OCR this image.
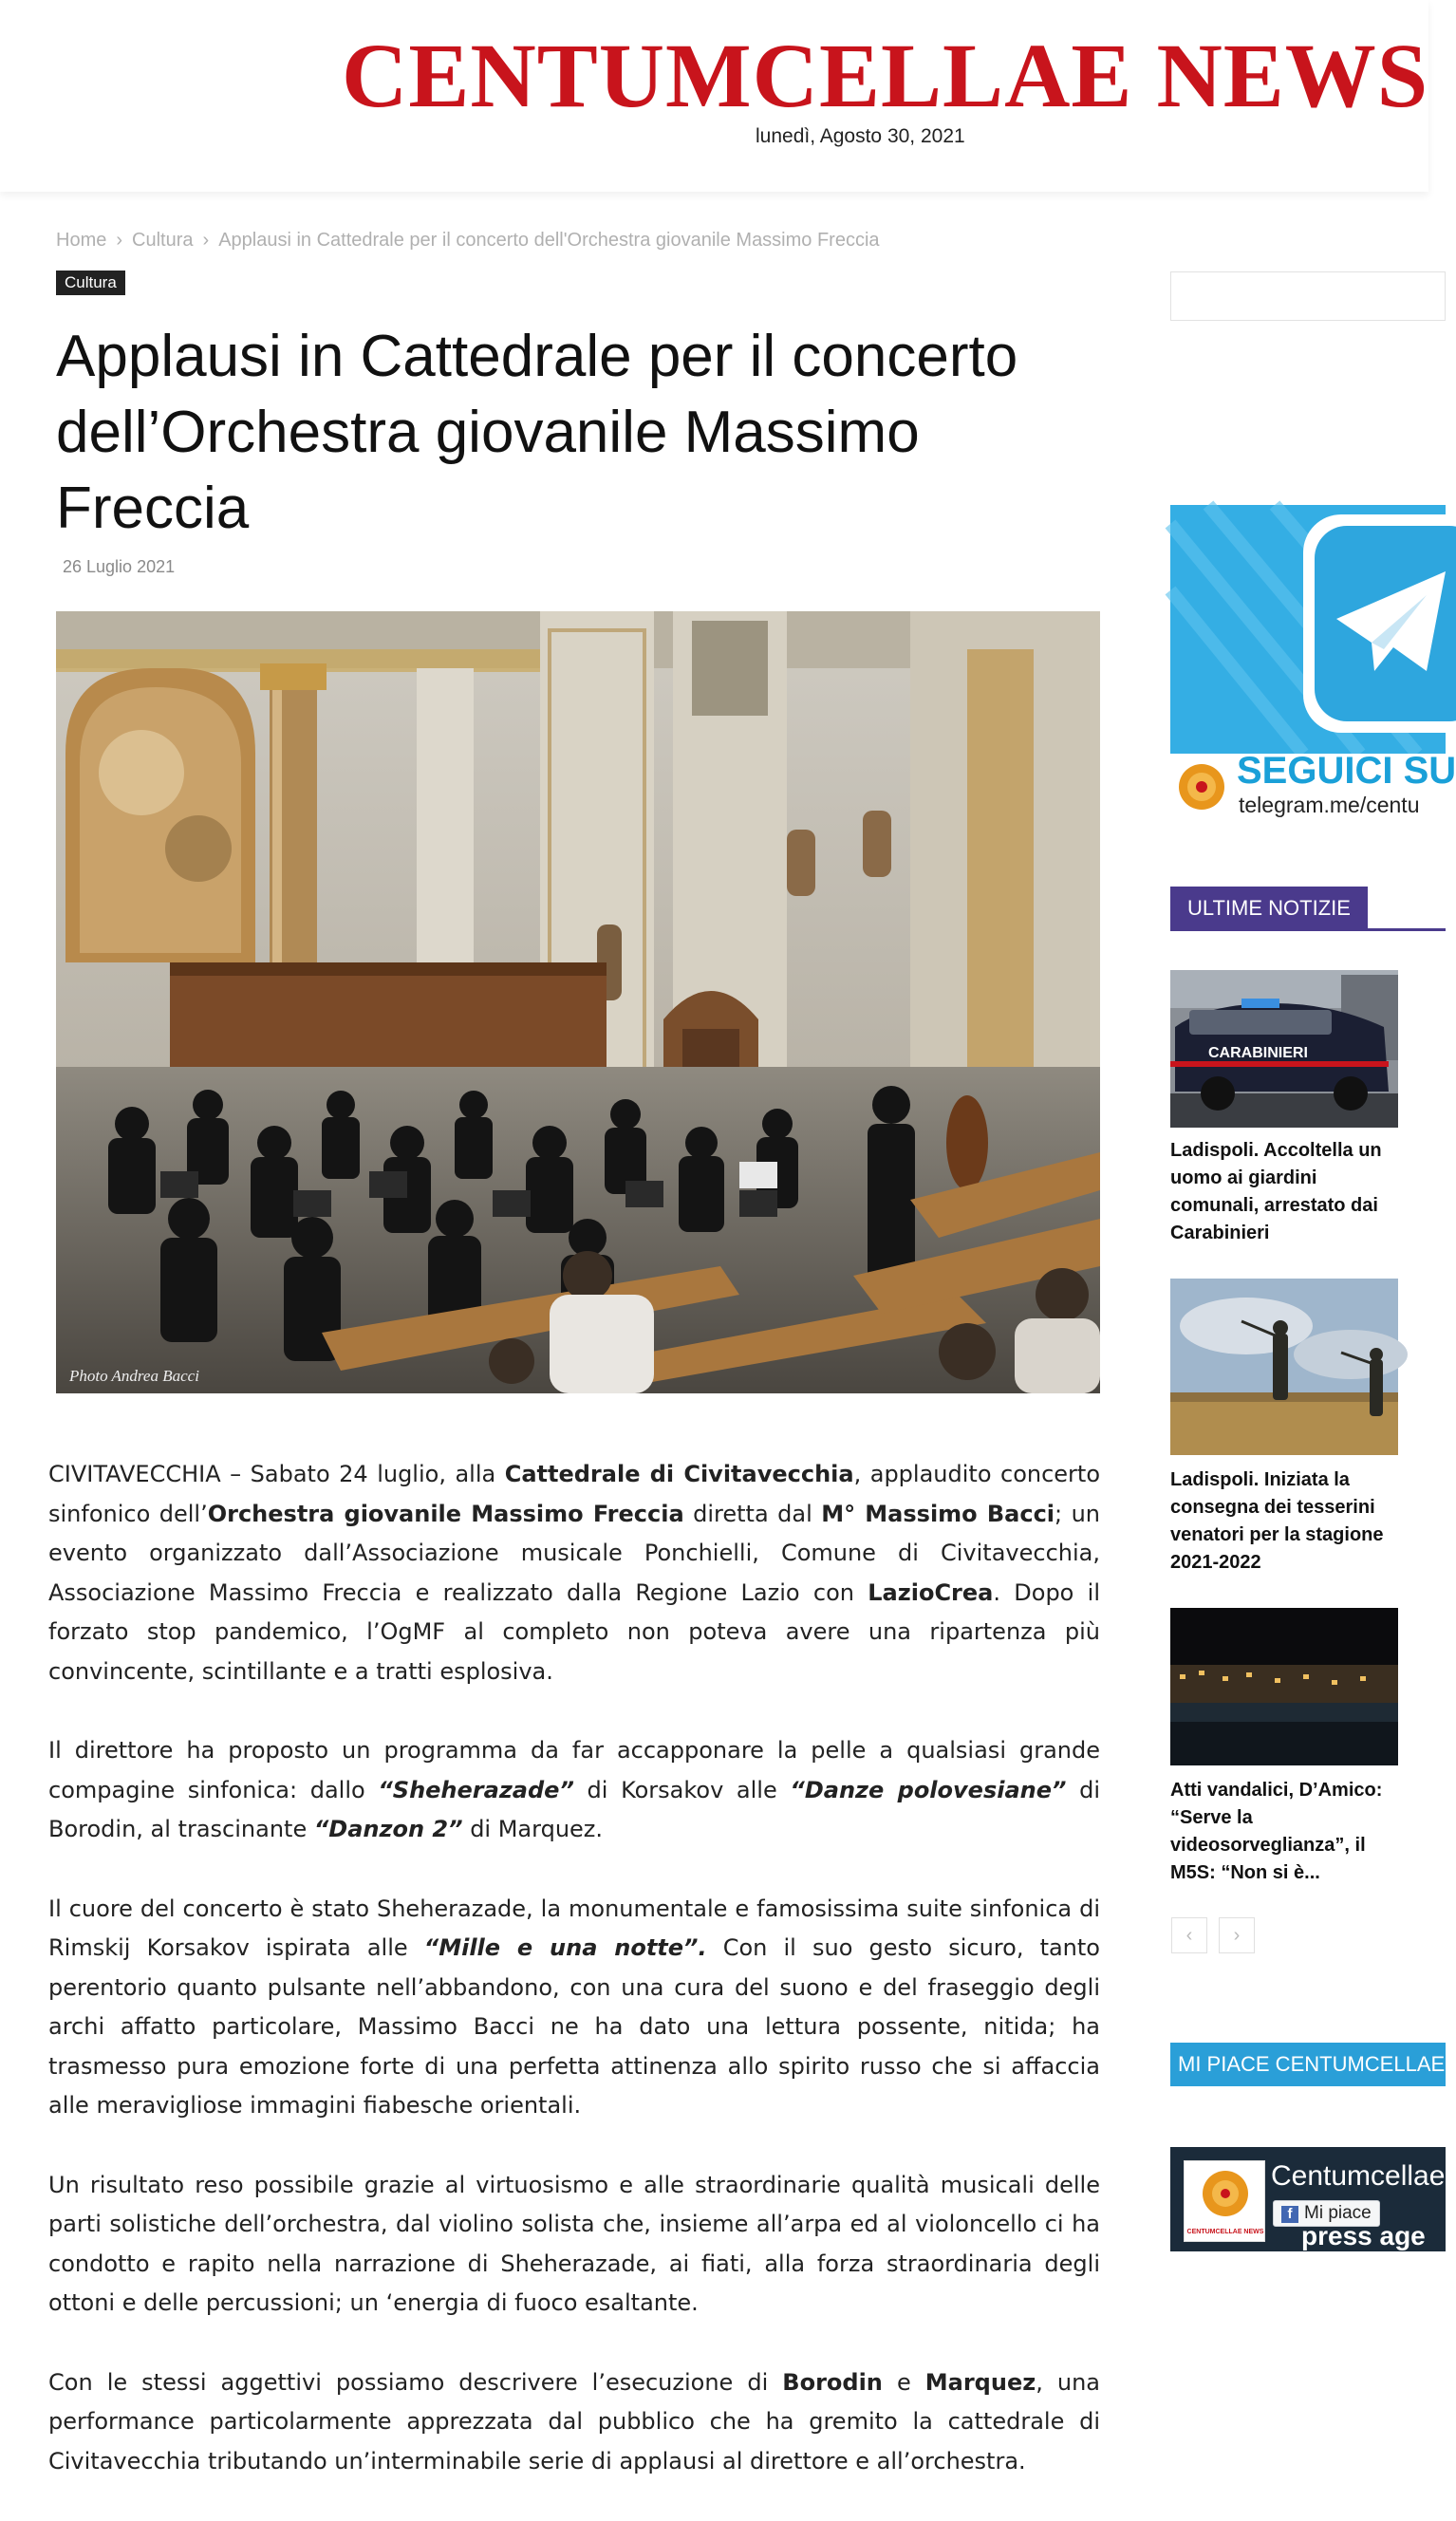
CENTUMCELLAE NEWS
lunedì, Agosto 30, 2021
Home › Cultura › Applausi in Cattedrale per il concerto dell'Orchestra giovanile Massimo Freccia
Cultura
Applausi in Cattedrale per il concerto dell’Orchestra giovanile Massimo Freccia
26 Luglio 2021
Photo Andrea Bacci

CIVITAVECCHIA – Sabato 24 luglio, alla Cattedrale di Civitavecchia, applaudito concerto sinfonico dell’Orchestra giovanile Massimo Freccia diretta dal M° Massimo Bacci; un evento organizzato dall’Associazione musicale Ponchielli, Comune di Civitavecchia, Associazione Massimo Freccia e realizzato dalla Regione Lazio con LazioCrea. Dopo il forzato stop pandemico, l’OgMF al completo non poteva avere una ripartenza più convincente, scintillante e a tratti esplosiva.

Il direttore ha proposto un programma da far accapponare la pelle a qualsiasi grande compagine sinfonica: dallo “Sheherazade” di Korsakov alle “Danze polovesiane” di Borodin, al trascinante “Danzon 2” di Marquez.

Il cuore del concerto è stato Sheherazade, la monumentale e famosissima suite sinfonica di Rimskij Korsakov ispirata alle “Mille e una notte”. Con il suo gesto sicuro, tanto perentorio quanto pulsante nell’abbandono, con una cura del suono e del fraseggio degli archi affatto particolare, Massimo Bacci ne ha dato una lettura possente, nitida; ha trasmesso pura emozione forte di una perfetta attinenza allo spirito russo che si affaccia alle meravigliose immagini fiabesche orientali.

Un risultato reso possibile grazie al virtuosismo e alle straordinarie qualità musicali delle parti solistiche dell’orchestra, dal violino solista che, insieme all’arpa ed al violoncello ci ha condotto e rapito nella narrazione di Sheherazade, ai fiati, alla forza straordinaria degli ottoni e delle percussioni; un ‘energia di fuoco esaltante.

Con le stessi aggettivi possiamo descrivere l’esecuzione di Borodin e Marquez, una performance particolarmente apprezzata dal pubblico che ha gremito la cattedrale di Civitavecchia tributando un’interminabile serie di applausi al direttore e all’orchestra.

SEGUICI SU
telegram.me/centu
ULTIME NOTIZIE
CARABINIERI
Ladispoli. Accoltella un uomo ai giardini comunali, arrestato dai Carabinieri
Ladispoli. Iniziata la consegna dei tesserini venatori per la stagione 2021-2022
Atti vandalici, D’Amico: “Serve la videosorveglianza”, il M5S: “Non si è...
‹	›
MI PIACE CENTUMCELLAE
CENTUMCELLAE NEWS
Centumcellae
f Mi piace
press age
